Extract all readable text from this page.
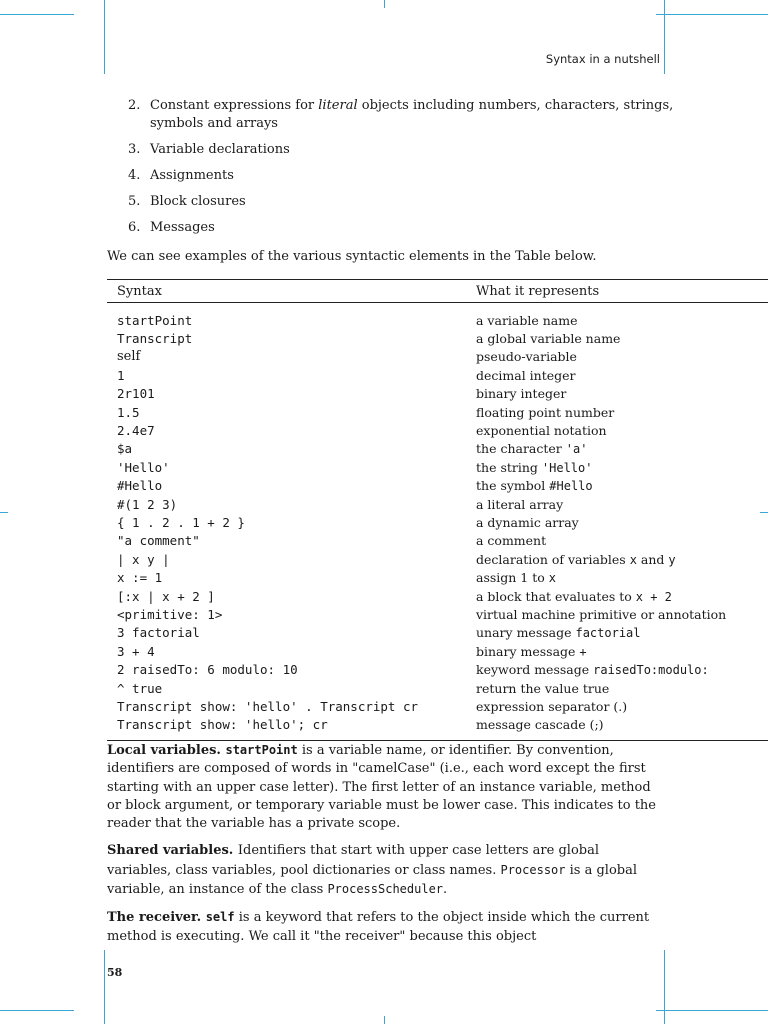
Syntax in a nutshell
2. Constant expressions for literal objects including numbers, characters, strings, symbols and arrays
3. Variable declarations
4. Assignments
5. Block closures
6. Messages
We can see examples of the various syntactic elements in the Table below.
Syntax	What it represents
startPoint	a variable name
Transcript	a global variable name
self	pseudo-variable
1	decimal integer
2r101	binary integer
1.5	floating point number
2.4e7	exponential notation
$a	the character 'a'
'Hello'	the string 'Hello'
#Hello	the symbol #Hello
#(1 2 3)	a literal array
{ 1 . 2 . 1 + 2 }	a dynamic array
"a comment"	a comment
| x y |	declaration of variables x and y
x := 1	assign 1 to x
[:x | x + 2 ]	a block that evaluates to x + 2
<primitive: 1>	virtual machine primitive or annotation
3 factorial	unary message factorial
3 + 4	binary message +
2 raisedTo: 6 modulo: 10	keyword message raisedTo:modulo:
^ true	return the value true
Transcript show: 'hello' . Transcript cr	expression separator (.)
Transcript show: 'hello'; cr	message cascade (;)

Local variables. startPoint is a variable name, or identifier. By convention, identifiers are composed of words in "camelCase" (i.e., each word except the first starting with an upper case letter). The first letter of an instance variable, method or block argument, or temporary variable must be lower case. This indicates to the reader that the variable has a private scope.

Shared variables. Identifiers that start with upper case letters are global variables, class variables, pool dictionaries or class names. Processor is a global variable, an instance of the class ProcessScheduler.

The receiver. self is a keyword that refers to the object inside which the current method is executing. We call it "the receiver" because this object

58
